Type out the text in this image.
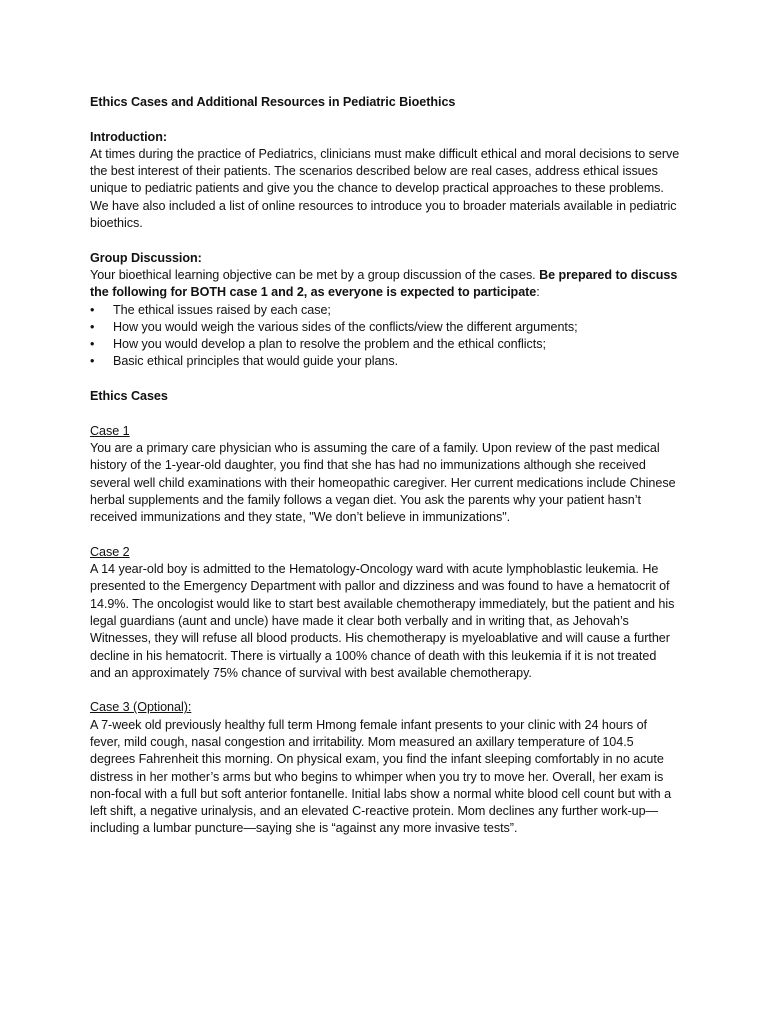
Ethics Cases and Additional Resources in Pediatric Bioethics
Introduction:

At times during the practice of Pediatrics, clinicians must make difficult ethical and moral decisions to serve the best interest of their patients. The scenarios described below are real cases, address ethical issues unique to pediatric patients and give you the chance to develop practical approaches to these problems. We have also included a list of online resources to introduce you to broader materials available in pediatric bioethics.

Group Discussion:

Your bioethical learning objective can be met by a group discussion of the cases. Be prepared to discuss the following for BOTH case 1 and 2, as everyone is expected to participate:

•	The ethical issues raised by each case;
•	How you would weigh the various sides of the conflicts/view the different arguments;
•	How you would develop a plan to resolve the problem and the ethical conflicts;
•	Basic ethical principles that would guide your plans.
Ethics Cases
Case 1

You are a primary care physician who is assuming the care of a family. Upon review of the past medical history of the 1-year-old daughter, you find that she has had no immunizations although she received several well child examinations with their homeopathic caregiver. Her current medications include Chinese herbal supplements and the family follows a vegan diet. You ask the parents why your patient hasn’t received immunizations and they state, "We don’t believe in immunizations".

Case 2

A 14 year-old boy is admitted to the Hematology-Oncology ward with acute lymphoblastic leukemia. He presented to the Emergency Department with pallor and dizziness and was found to have a hematocrit of 14.9%. The oncologist would like to start best available chemotherapy immediately, but the patient and his legal guardians (aunt and uncle) have made it clear both verbally and in writing that, as Jehovah’s Witnesses, they will refuse all blood products. His chemotherapy is myeloablative and will cause a further decline in his hematocrit. There is virtually a 100% chance of death with this leukemia if it is not treated and an approximately 75% chance of survival with best available chemotherapy.

Case 3 (Optional):

A 7-week old previously healthy full term Hmong female infant presents to your clinic with 24 hours of fever, mild cough, nasal congestion and irritability. Mom measured an axillary temperature of 104.5 degrees Fahrenheit this morning. On physical exam, you find the infant sleeping comfortably in no acute distress in her mother’s arms but who begins to whimper when you try to move her. Overall, her exam is non-focal with a full but soft anterior fontanelle. Initial labs show a normal white blood cell count but with a left shift, a negative urinalysis, and an elevated C-reactive protein. Mom declines any further work-up—including a lumbar puncture—saying she is “against any more invasive tests”.
